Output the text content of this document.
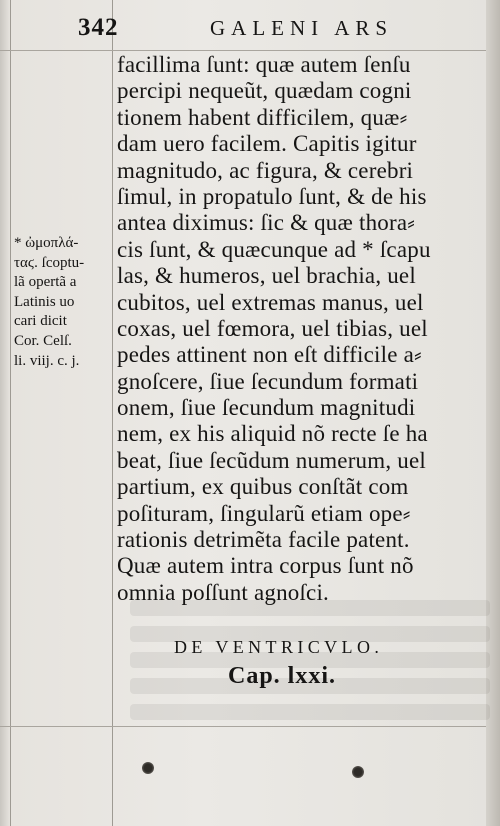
342	GALENI ARS
facillima ſunt: quæ autem ſenſu
percipi nequeũt, quædam cogni
tionem habent difficilem, quæ⸗
dam uero facilem. Capitis igitur
magnitudo, ac figura, & cerebri
ſimul, in propatulo ſunt, & de his
antea diximus: ſic & quæ thora⸗
cis ſunt, & quæcunque ad * ſcapu
las, & humeros, uel brachia, uel
cubitos, uel extremas manus, uel
coxas, uel fœmora, uel tibias, uel
pedes attinent non eſt difficile a⸗
gnoſcere, ſiue ſecundum formati
onem, ſiue ſecundum magnitudi
nem, ex his aliquid nõ recte ſe ha
beat, ſiue ſecũdum numerum, uel
partium, ex quibus conſtãt com
poſituram, ſingularũ etiam ope⸗
rationis detrimẽta facile patent.
Quæ autem intra corpus ſunt nõ
omnia poſſunt agnoſci.
* ὠμοπλά-
ταϛ. ſcoptu-
lã opertã a
Latinis uo
cari dicit
Cor. Celſ.
li. viij. c. j.
DE VENTRICVLO.
Cap. lxxi.
